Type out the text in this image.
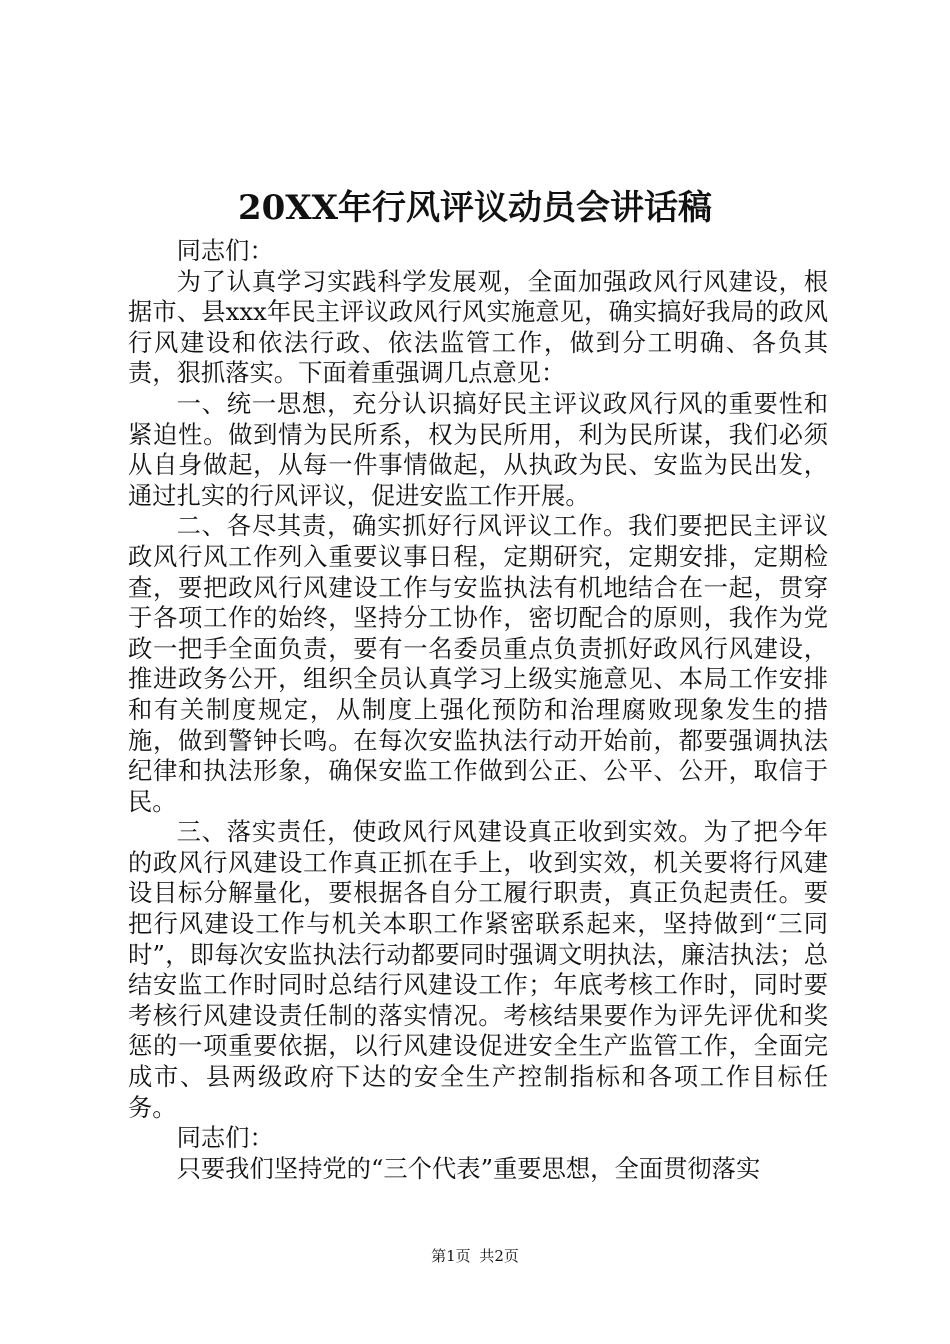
20XX年行风评议动员会讲话稿

同志们：

为了认真学习实践科学发展观，全面加强政风行风建设，根据市、县xxx年民主评议政风行风实施意见，确实搞好我局的政风行风建设和依法行政、依法监管工作，做到分工明确、各负其责，狠抓落实。下面着重强调几点意见：

一、统一思想，充分认识搞好民主评议政风行风的重要性和紧迫性。做到情为民所系，权为民所用，利为民所谋，我们必须从自身做起，从每一件事情做起，从执政为民、安监为民出发，通过扎实的行风评议，促进安监工作开展。

二、各尽其责，确实抓好行风评议工作。我们要把民主评议政风行风工作列入重要议事日程，定期研究，定期安排，定期检查，要把政风行风建设工作与安监执法有机地结合在一起，贯穿于各项工作的始终，坚持分工协作，密切配合的原则，我作为党政一把手全面负责，要有一名委员重点负责抓好政风行风建设，推进政务公开，组织全员认真学习上级实施意见、本局工作安排和有关制度规定，从制度上强化预防和治理腐败现象发生的措施，做到警钟长鸣。在每次安监执法行动开始前，都要强调执法纪律和执法形象，确保安监工作做到公正、公平、公开，取信于民。

三、落实责任，使政风行风建设真正收到实效。为了把今年的政风行风建设工作真正抓在手上，收到实效，机关要将行风建设目标分解量化，要根据各自分工履行职责，真正负起责任。要把行风建设工作与机关本职工作紧密联系起来，坚持做到“三同时”，即每次安监执法行动都要同时强调文明执法，廉洁执法；总结安监工作时同时总结行风建设工作；年底考核工作时，同时要考核行风建设责任制的落实情况。考核结果要作为评先评优和奖惩的一项重要依据，以行风建设促进安全生产监管工作，全面完成市、县两级政府下达的安全生产控制指标和各项工作目标任务。

同志们：

只要我们坚持党的“三个代表”重要思想，全面贯彻落实

第1页 共2页
